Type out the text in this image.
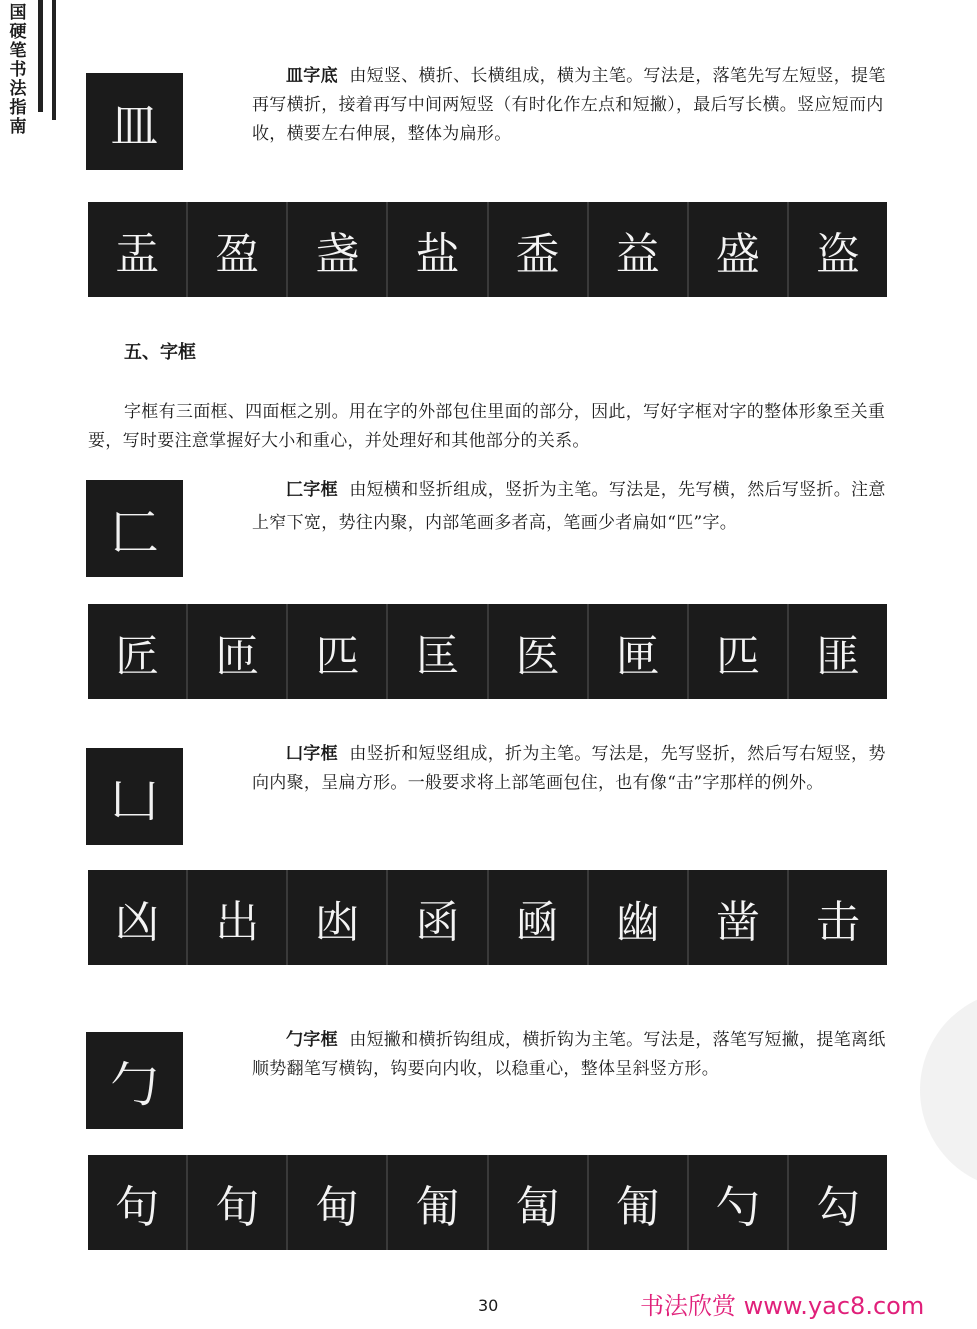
国硬笔书法指南	皿
皿字底 由短竖、横折、长横组成，横为主笔。写法是，落笔先写左短竖，提笔再写横折，接着再写中间两短竖（有时化作左点和短撇），最后写长横。竖应短而内收，横要左右伸展，整体为扁形。
盂	盈	盏	盐	盉	益	盛	盗
五、字框
字框有三面框、四面框之别。用在字的外部包住里面的部分，因此，写好字框对字的整体形象至关重要，写时要注意掌握好大小和重心，并处理好和其他部分的关系。
匚
匚字框 由短横和竖折组成，竖折为主笔。写法是，先写横，然后写竖折。注意上窄下宽，势往内聚，内部笔画多者高，笔画少者扁如“匹”字。
匠	匝	匹	匡	医	匣	匹	匪
凵
凵字框 由竖折和短竖组成，折为主笔。写法是，先写竖折，然后写右短竖，势向内聚，呈扁方形。一般要求将上部笔画包住，也有像“击”字那样的例外。
凶	出	凼	函	凾	幽	凿	击
勹
勹字框 由短撇和横折钩组成，横折钩为主笔。写法是，落笔写短撇，提笔离纸顺势翻笔写横钩，钩要向内收，以稳重心，整体呈斜竖方形。
句	旬	甸	匍	匐	匍	勺	勾
30	书法欣赏 www.yac8.com
